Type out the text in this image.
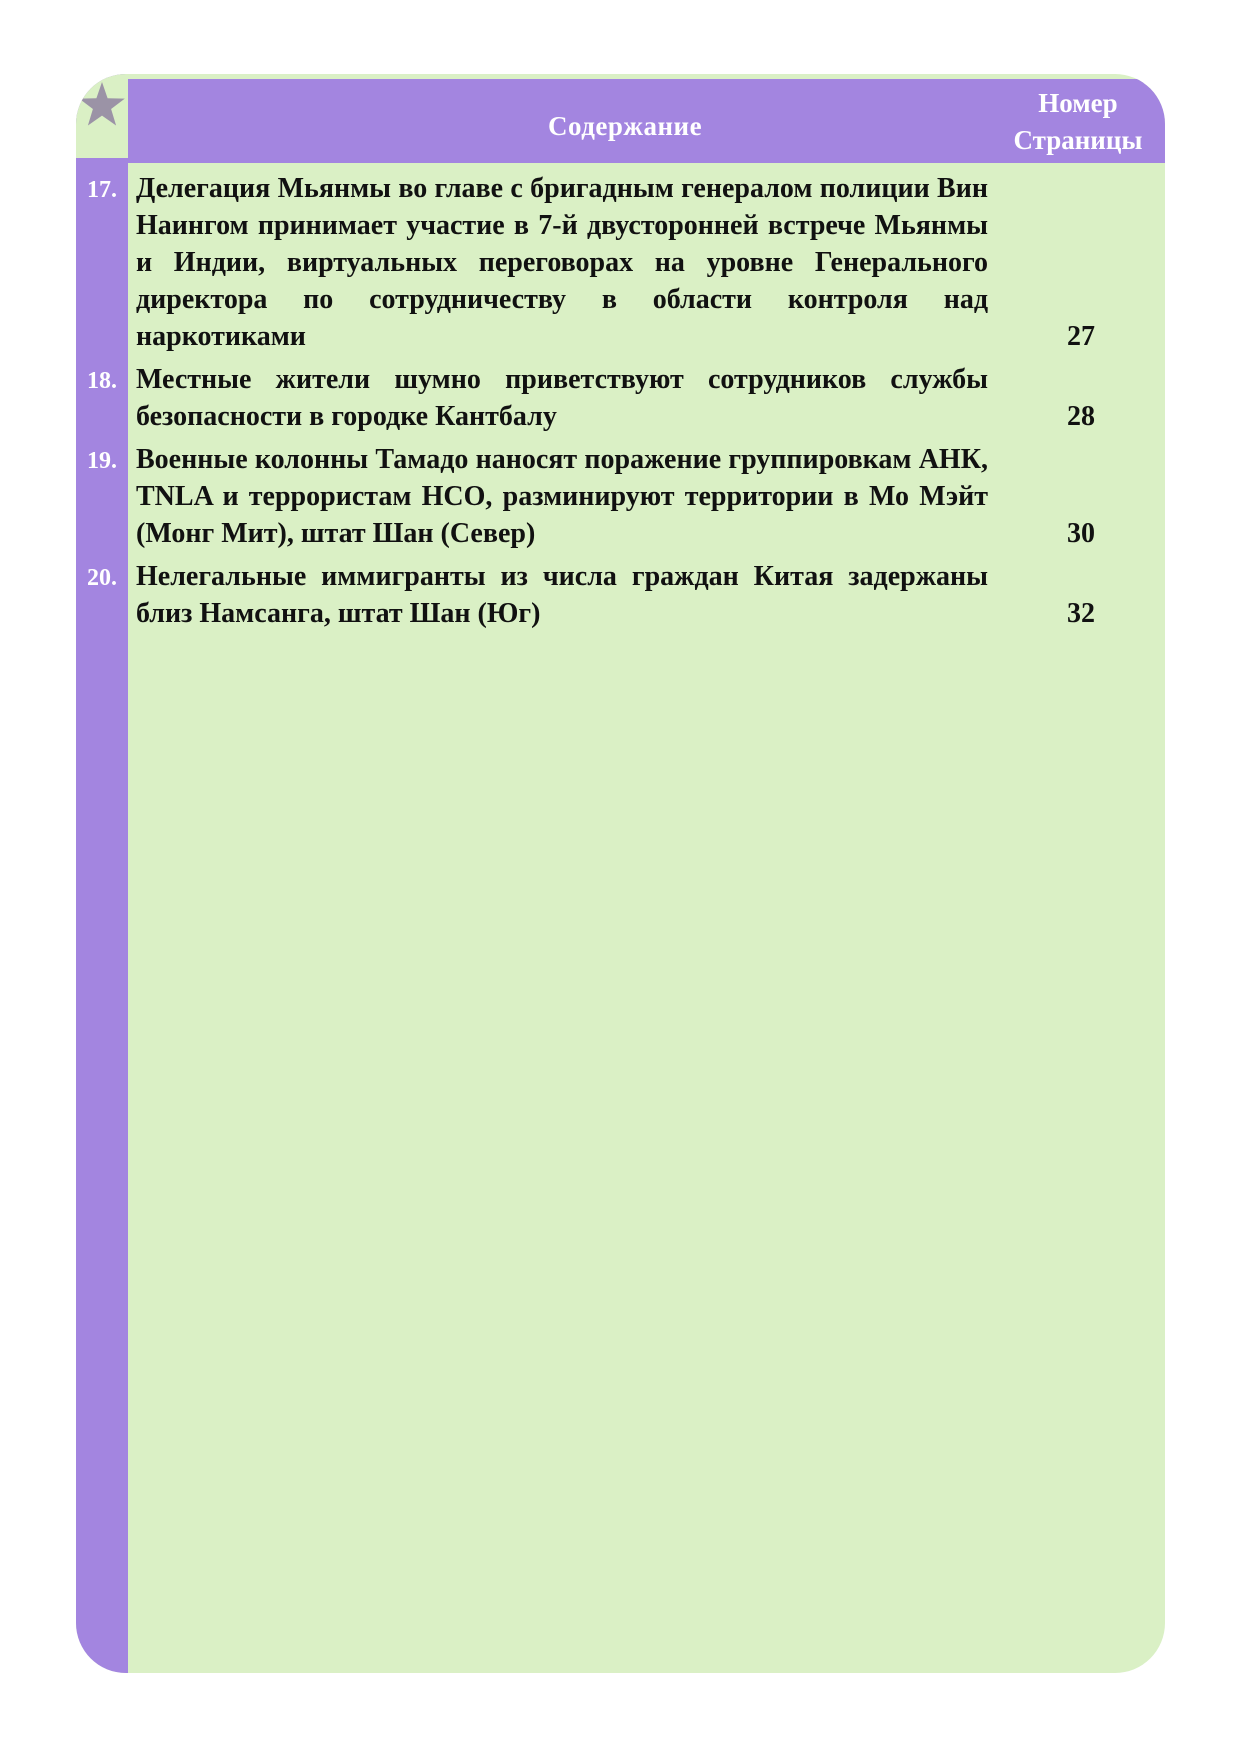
Содержание
Номер
Страницы
17. Делегация Мьянмы во главе с бригадным генералом полиции Вин Наингом принимает участие в 7-й двусторонней встрече Мьянмы и Индии, виртуальных переговорах на уровне Генерального директора по сотрудничеству в области контроля над наркотиками	27
18. Местные жители шумно приветствуют сотрудников службы безопасности в городке Кантбалу	28
19. Военные колонны Тамадо наносят поражение группировкам АНК, TNLA и террористам НСО, разминируют территории в Мо Мэйт (Монг Мит), штат Шан (Север)	30
20. Нелегальные иммигранты из числа граждан Китая задержаны близ Намсанга, штат Шан (Юг)	32
